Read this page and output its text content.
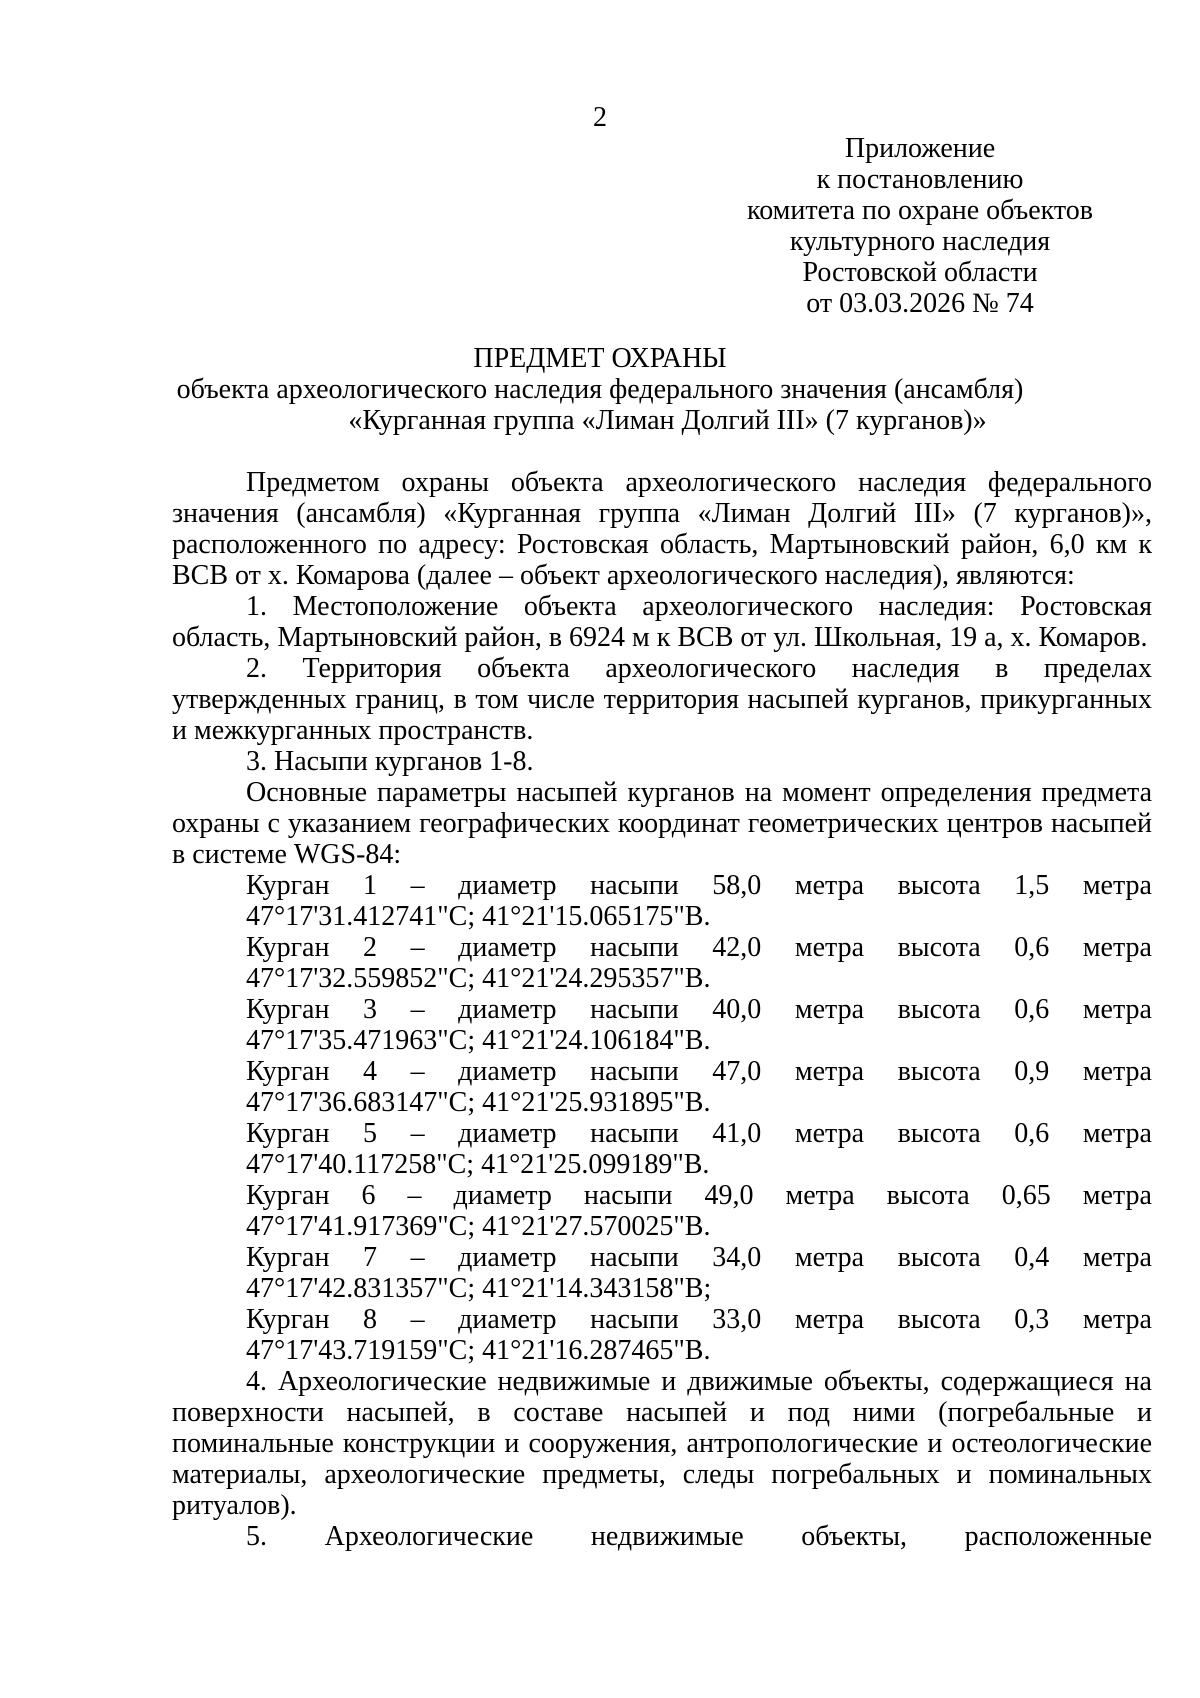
2
Приложение
к постановлению
комитета по охране объектов
культурного наследия
Ростовской области
от 03.03.2026 № 74
ПРЕДМЕТ ОХРАНЫ
объекта археологического наследия федерального значения (ансамбля)
«Курганная группа «Лиман Долгий III» (7 курганов)»

Предметом охраны объекта археологического наследия федерального значения (ансамбля) «Курганная группа «Лиман Долгий III» (7 курганов)», расположенного по адресу: Ростовская область, Мартыновский район, 6,0 км к ВСВ от х. Комарова (далее – объект археологического наследия), являются:

1. Местоположение объекта археологического наследия: Ростовская область, Мартыновский район, в 6924 м к ВСВ от ул. Школьная, 19 а, х. Комаров.

2. Территория объекта археологического наследия в пределах утвержденных границ, в том числе территория насыпей курганов, прикурганных и межкурганных пространств.

3. Насыпи курганов 1-8.

Основные параметры насыпей курганов на момент определения предмета охраны с указанием географических координат геометрических центров насыпей в системе WGS-84:

Курган 1 – диаметр насыпи 58,0 метра высота 1,5 метра
47°17'31.412741"С; 41°21'15.065175"В.
Курган 2 – диаметр насыпи 42,0 метра высота 0,6 метра
47°17'32.559852"С; 41°21'24.295357"В.
Курган 3 – диаметр насыпи 40,0 метра высота 0,6 метра
47°17'35.471963"С; 41°21'24.106184"В.
Курган 4 – диаметр насыпи 47,0 метра высота 0,9 метра
47°17'36.683147"С; 41°21'25.931895"В.
Курган 5 – диаметр насыпи 41,0 метра высота 0,6 метра
47°17'40.117258"С; 41°21'25.099189"В.
Курган 6 – диаметр насыпи 49,0 метра высота 0,65 метра
47°17'41.917369"С; 41°21'27.570025"В.
Курган 7 – диаметр насыпи 34,0 метра высота 0,4 метра
47°17'42.831357"С; 41°21'14.343158"В;
Курган 8 – диаметр насыпи 33,0 метра высота 0,3 метра
47°17'43.719159"С; 41°21'16.287465"В.

4. Археологические недвижимые и движимые объекты, содержащиеся на поверхности насыпей, в составе насыпей и под ними (погребальные и поминальные конструкции и сооружения, антропологические и остеологические материалы, археологические предметы, следы погребальных и поминальных ритуалов).

5. Археологические недвижимые объекты, расположенные
